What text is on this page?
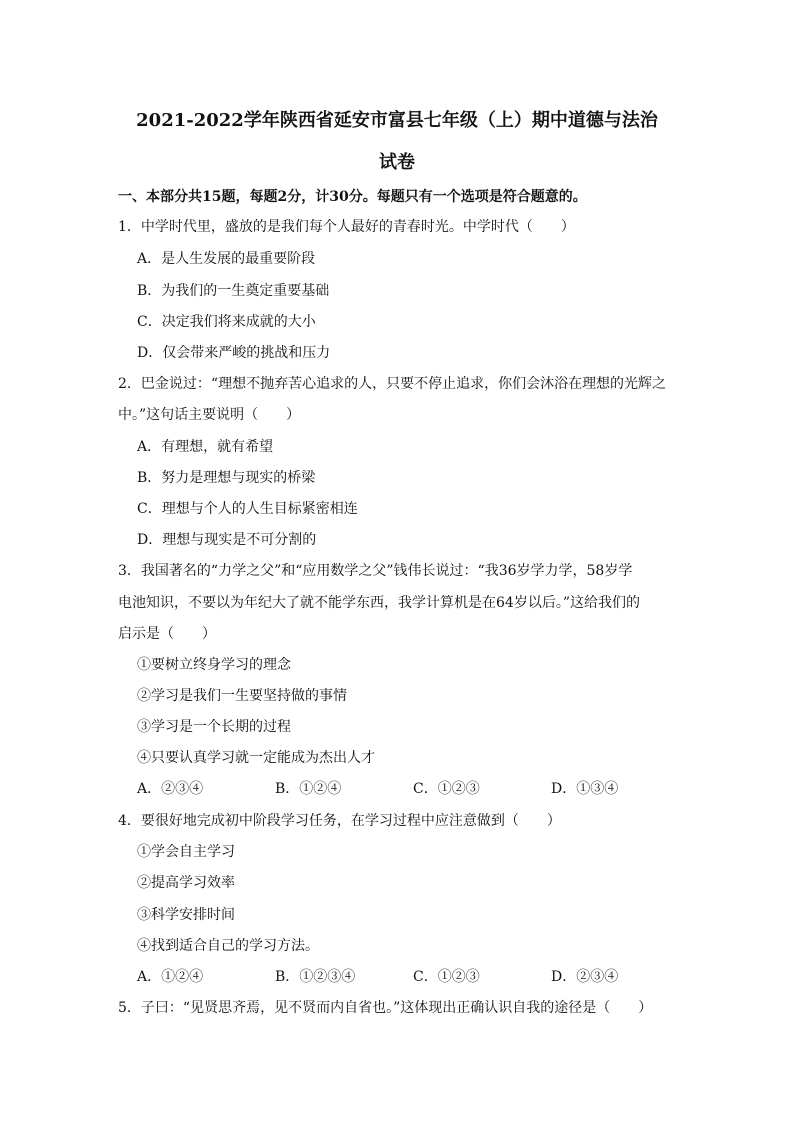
2021-2022学年陕西省延安市富县七年级（上）期中道德与法治
试卷
一、本部分共15题，每题2分，计30分。每题只有一个选项是符合题意的。
1．中学时代里，盛放的是我们每个人最好的青春时光。中学时代（　　）
A．是人生发展的最重要阶段
B．为我们的一生奠定重要基础
C．决定我们将来成就的大小
D．仅会带来严峻的挑战和压力
2．巴金说过：“理想不抛弃苦心追求的人，只要不停止追求，你们会沐浴在理想的光辉之
中。”这句话主要说明（　　）
A．有理想，就有希望
B．努力是理想与现实的桥梁
C．理想与个人的人生目标紧密相连
D．理想与现实是不可分割的
3．我国著名的“力学之父”和“应用数学之父”钱伟长说过：“我36岁学力学，58岁学
电池知识，不要以为年纪大了就不能学东西，我学计算机是在64岁以后。”这给我们的
启示是（　　）
①要树立终身学习的理念
②学习是我们一生要坚持做的事情
③学习是一个长期的过程
④只要认真学习就一定能成为杰出人才
A．②③④	B．①②④	C．①②③	D．①③④
4．要很好地完成初中阶段学习任务，在学习过程中应注意做到（　　）
①学会自主学习
②提高学习效率
③科学安排时间
④找到适合自己的学习方法。
A．①②④	B．①②③④	C．①②③	D．②③④
5．子曰：“见贤思齐焉，见不贤而内自省也。”这体现出正确认识自我的途径是（　　）
